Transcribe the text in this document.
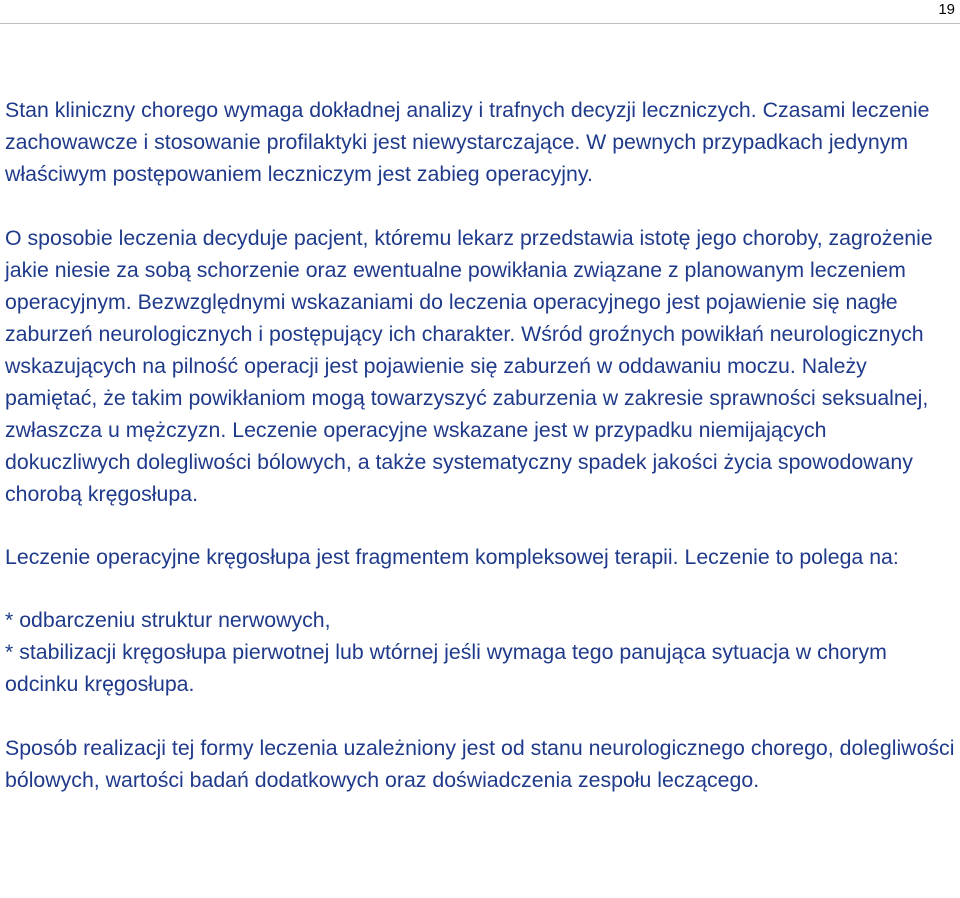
19

Stan kliniczny chorego wymaga dokładnej analizy i trafnych decyzji leczniczych. Czasami leczenie zachowawcze i stosowanie profilaktyki jest niewystarczające. W pewnych przypadkach jedynym właściwym postępowaniem leczniczym jest zabieg operacyjny.

O sposobie leczenia decyduje pacjent, któremu lekarz przedstawia istotę jego choroby, zagrożenie jakie niesie za sobą schorzenie oraz ewentualne powikłania związane z planowanym leczeniem operacyjnym. Bezwzględnymi wskazaniami do leczenia operacyjnego jest pojawienie się nagłe zaburzeń neurologicznych i postępujący ich charakter. Wśród groźnych powikłań neurologicznych wskazujących na pilność operacji jest pojawienie się zaburzeń w oddawaniu moczu. Należy pamiętać, że takim powikłaniom mogą towarzyszyć zaburzenia w zakresie sprawności seksualnej, zwłaszcza u mężczyzn. Leczenie operacyjne wskazane jest w przypadku niemijających dokuczliwych dolegliwości bólowych, a także systematyczny spadek jakości życia spowodowany chorobą kręgosłupa.

Leczenie operacyjne kręgosłupa jest fragmentem kompleksowej terapii. Leczenie to polega na:

* odbarczeniu struktur nerwowych,

* stabilizacji kręgosłupa pierwotnej lub wtórnej jeśli wymaga tego panująca sytuacja w chorym odcinku kręgosłupa.

Sposób realizacji tej formy leczenia uzależniony jest od stanu neurologicznego chorego, dolegliwości bólowych, wartości badań dodatkowych oraz doświadczenia zespołu leczącego.
